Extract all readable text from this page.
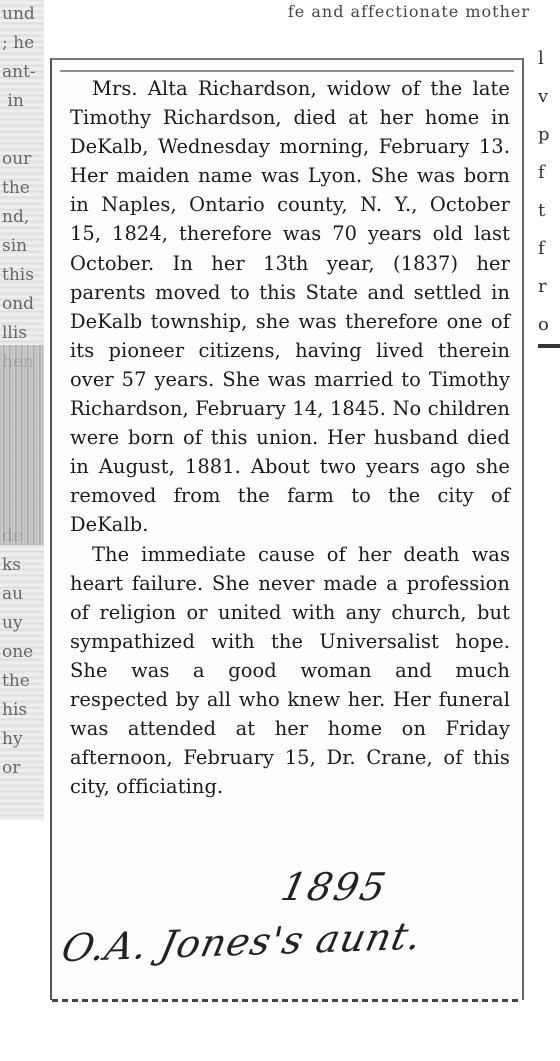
und
; he
ant-
in

our
the
nd,
sin
this
ond
llis

ks
au
uy
one
the
his
hy
or
l
v
p
f
t
f
r
o
fe and affectionate mother

Mrs. Alta Richardson, widow of the late Timothy Richardson, died at her home in DeKalb, Wednesday morning, February 13. Her maiden name was Lyon. She was born in Naples, Ontario county, N. Y., October 15, 1824, therefore was 70 years old last October. In her 13th year, (1837) her parents moved to this State and settled in DeKalb township, she was therefore one of its pioneer citizens, having lived therein over 57 years. She was married to Timothy Richardson, February 14, 1845. No children were born of this union. Her husband died in August, 1881. About two years ago she removed from the farm to the city of DeKalb.

The immediate cause of her death was heart failure. She never made a profession of religion or united with any church, but sympathized with the Universalist hope. She was a good woman and much respected by all who knew her. Her funeral was attended at her home on Friday afternoon, February 15, Dr. Crane, of this city, officiating.

1895
O.A. Jones's aunt.
